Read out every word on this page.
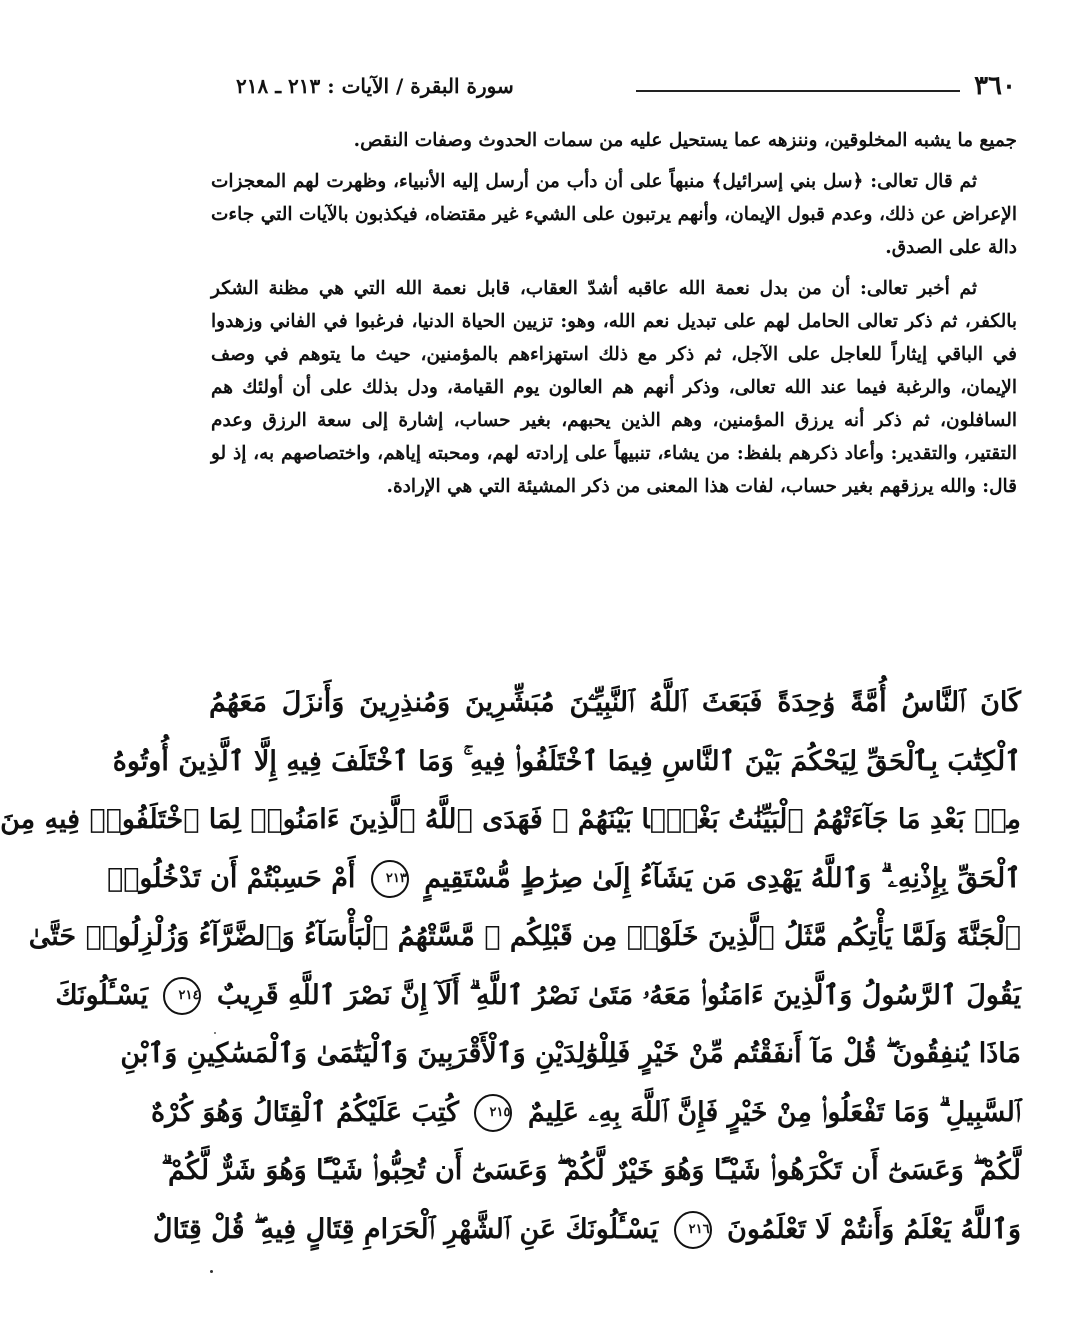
٣٦٠
سورة البقرة / الآيات : ٢١٣ ـ ٢١٨

جميع ما يشبه المخلوقين، وننزهه عما يستحيل عليه من سمات الحدوث وصفات النقص.

ثم قال تعالى: ﴿سل بني إسرائيل﴾ منبهاً على أن دأب من أرسل إليه الأنبياء، وظهرت لهم المعجزات الإعراض عن ذلك، وعدم قبول الإيمان، وأنهم يرتبون على الشيء غير مقتضاه، فيكذبون بالآيات التي جاءت دالة على الصدق.

ثم أخبر تعالى: أن من بدل نعمة الله عاقبه أشدّ العقاب، قابل نعمة الله التي هي مظنة الشكر بالكفر، ثم ذكر تعالى الحامل لهم على تبديل نعم الله، وهو: تزيين الحياة الدنيا، فرغبوا في الفاني وزهدوا في الباقي إيثاراً للعاجل على الآجل، ثم ذكر مع ذلك استهزاءهم بالمؤمنين، حيث ما يتوهم في وصف الإيمان، والرغبة فيما عند الله تعالى، وذكر أنهم هم العالون يوم القيامة، ودل بذلك على أن أولئك هم السافلون، ثم ذكر أنه يرزق المؤمنين، وهم الذين يحبهم، بغير حساب، إشارة إلى سعة الرزق وعدم التقتير، والتقدير: وأعاد ذكرهم بلفظ: من يشاء، تنبيهاً على إرادته لهم، ومحبته إياهم، واختصاصهم به، إذ لو قال: والله يرزقهم بغير حساب، لفات هذا المعنى من ذكر المشيئة التي هي الإرادة.

كَانَ ٱلنَّاسُ أُمَّةً وَٰحِدَةً فَبَعَثَ ٱللَّهُ ٱلنَّبِيِّـۧنَ مُبَشِّرِينَ وَمُنذِرِينَ وَأَنزَلَ مَعَهُمُ
ٱلْكِتَٰبَ بِٱلْحَقِّ لِيَحْكُمَ بَيْنَ ٱلنَّاسِ فِيمَا ٱخْتَلَفُوا۟ فِيهِ ۚ وَمَا ٱخْتَلَفَ فِيهِ إِلَّا ٱلَّذِينَ أُوتُوهُ
مِنۢ بَعْدِ مَا جَآءَتْهُمُ ٱلْبَيِّنَٰتُ بَغْيًۢا بَيْنَهُمْ ۖ فَهَدَى ٱللَّهُ ٱلَّذِينَ ءَامَنُوا۟ لِمَا ٱخْتَلَفُوا۟ فِيهِ مِنَ
ٱلْحَقِّ بِإِذْنِهِۦ ۗ وَٱللَّهُ يَهْدِى مَن يَشَآءُ إِلَىٰ صِرَٰطٍ مُّسْتَقِيمٍ ٢١٣ أَمْ حَسِبْتُمْ أَن تَدْخُلُوا۟
ٱلْجَنَّةَ وَلَمَّا يَأْتِكُم مَّثَلُ ٱلَّذِينَ خَلَوْا۟ مِن قَبْلِكُم ۖ مَّسَّتْهُمُ ٱلْبَأْسَآءُ وَٱلضَّرَّآءُ وَزُلْزِلُوا۟ حَتَّىٰ
يَقُولَ ٱلرَّسُولُ وَٱلَّذِينَ ءَامَنُوا۟ مَعَهُۥ مَتَىٰ نَصْرُ ٱللَّهِ ۗ أَلَآ إِنَّ نَصْرَ ٱللَّهِ قَرِيبٌ ٢١٤ يَسْـَٔلُونَكَ
مَاذَا يُنفِقُونَ ۖ قُلْ مَآ أَنفَقْتُم مِّنْ خَيْرٍ فَلِلْوَٰلِدَيْنِ وَٱلْأَقْرَبِينَ وَٱلْيَتَٰمَىٰ وَٱلْمَسَٰكِينِ وَٱبْنِ
ٱلسَّبِيلِ ۗ وَمَا تَفْعَلُوا۟ مِنْ خَيْرٍ فَإِنَّ ٱللَّهَ بِهِۦ عَلِيمٌ ٢١٥ كُتِبَ عَلَيْكُمُ ٱلْقِتَالُ وَهُوَ كُرْهٌ
لَّكُمْ ۖ وَعَسَىٰٓ أَن تَكْرَهُوا۟ شَيْـًٔا وَهُوَ خَيْرٌ لَّكُمْ ۖ وَعَسَىٰٓ أَن تُحِبُّوا۟ شَيْـًٔا وَهُوَ شَرٌّ لَّكُمْ ۗ
وَٱللَّهُ يَعْلَمُ وَأَنتُمْ لَا تَعْلَمُونَ ٢١٦ يَسْـَٔلُونَكَ عَنِ ٱلشَّهْرِ ٱلْحَرَامِ قِتَالٍ فِيهِ ۖ قُلْ قِتَالٌ
